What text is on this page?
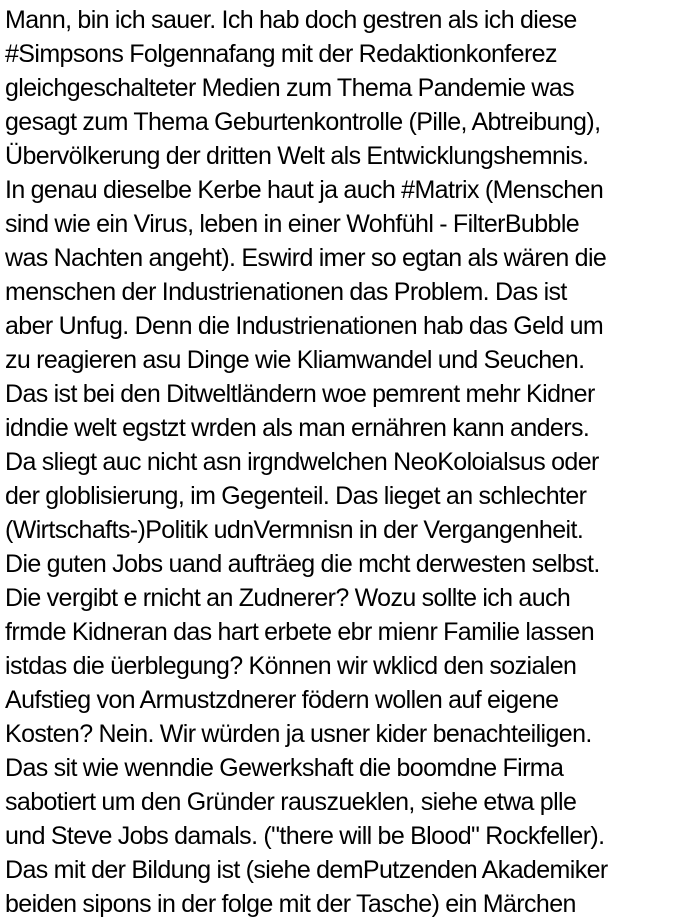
Mann, bin ich sauer. Ich hab doch gestren als ich diese
#Simpsons Folgennafang mit der Redaktionkonferez
gleichgeschalteter Medien zum Thema Pandemie was
gesagt zum Thema Geburtenkontrolle (Pille, Abtreibung),
Übervölkerung der dritten Welt als Entwicklungshemnis.
In genau dieselbe Kerbe haut ja auch #Matrix (Menschen
sind wie ein Virus, leben in einer Wohfühl - FilterBubble
was Nachten angeht). Eswird imer so egtan als wären die
menschen der Industrienationen das Problem. Das ist
aber Unfug. Denn die Industrienationen hab das Geld um
zu reagieren asu Dinge wie Kliamwandel und Seuchen.
Das ist bei den Ditweltländern woe pemrent mehr Kidner
idndie welt egstzt wrden als man ernähren kann anders.
Da sliegt auc nicht asn irgndwelchen NeoKoloialsus oder
der globlisierung, im Gegenteil. Das lieget an schlechter
(Wirtschafts-)Politik udnVermnisn in der Vergangenheit.
Die guten Jobs uand aufträeg die mcht derwesten selbst.
Die vergibt e rnicht an Zudnerer? Wozu sollte ich auch
frmde Kidneran das hart erbete ebr mienr Familie lassen
istdas die üerblegung? Können wir wklicd den sozialen
Aufstieg von Armustzdnerer födern wollen auf eigene
Kosten? Nein. Wir würden ja usner kider benachteiligen.
Das sit wie wenndie Gewerkshaft die boomdne Firma
sabotiert um den Gründer rauszueklen, siehe etwa plle
und Steve Jobs damals. ("there will be Blood" Rockfeller).
Das mit der Bildung ist (siehe demPutzenden Akademiker
beiden sipons in der folge mit der Tasche) ein Märchen
